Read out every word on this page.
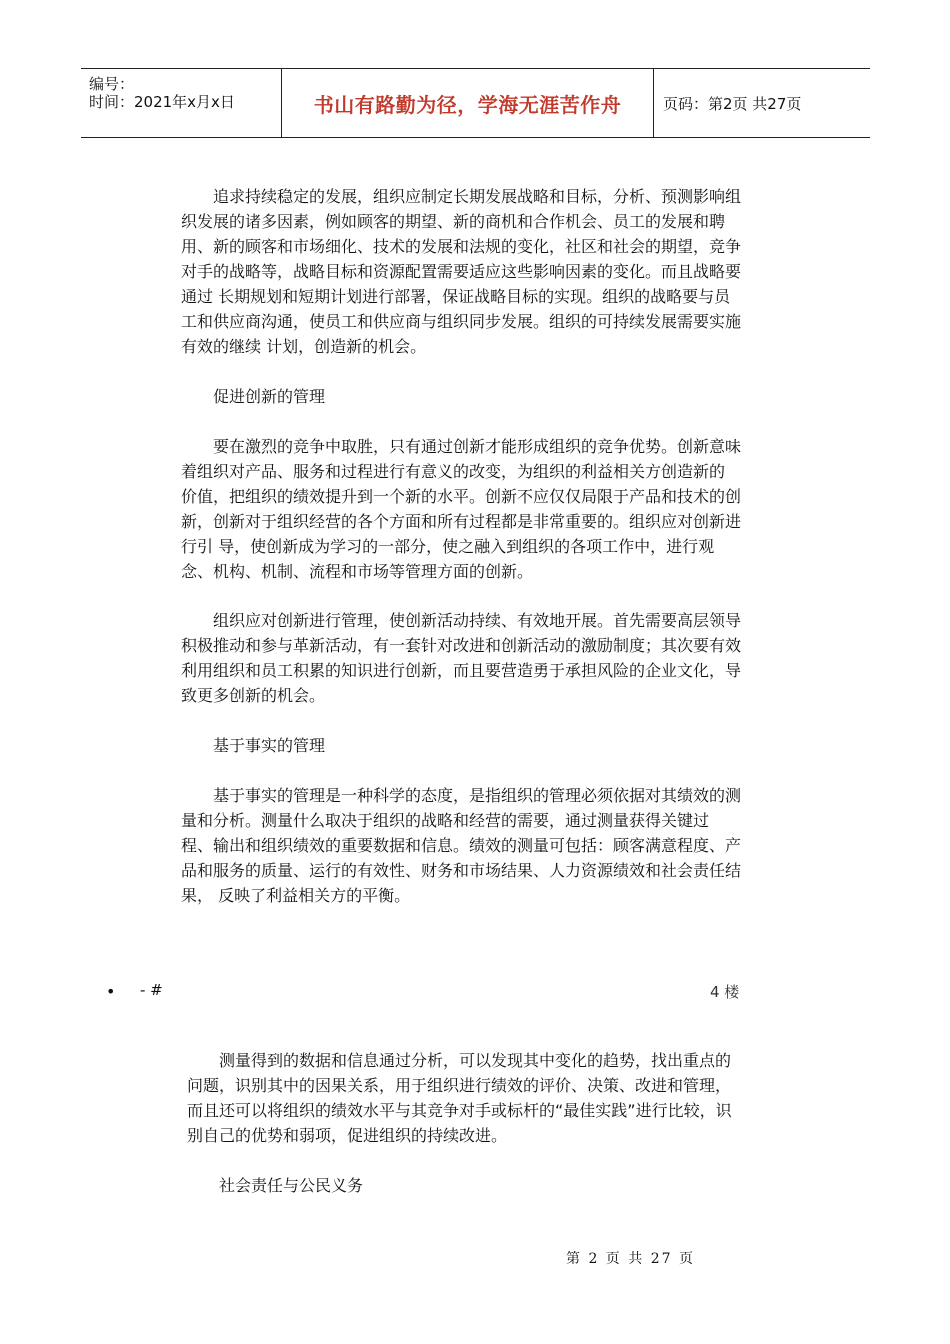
编号：
时间：2021年x月x日	书山有路勤为径，学海无涯苦作舟	页码：第2页 共27页

追求持续稳定的发展，组织应制定长期发展战略和目标，分析、预测影响组织发展的诸多因素，例如顾客的期望、新的商机和合作机会、员工的发展和聘 用、新的顾客和市场细化、技术的发展和法规的变化，社区和社会的期望，竞争对手的战略等，战略目标和资源配置需要适应这些影响因素的变化。而且战略要通过 长期规划和短期计划进行部署，保证战略目标的实现。组织的战略要与员工和供应商沟通，使员工和供应商与组织同步发展。组织的可持续发展需要实施有效的继续 计划，创造新的机会。

促进创新的管理

要在激烈的竞争中取胜，只有通过创新才能形成组织的竞争优势。创新意味着组织对产品、服务和过程进行有意义的改变，为组织的利益相关方创造新的 价值，把组织的绩效提升到一个新的水平。创新不应仅仅局限于产品和技术的创新，创新对于组织经营的各个方面和所有过程都是非常重要的。组织应对创新进行引 导，使创新成为学习的一部分，使之融入到组织的各项工作中，进行观念、机构、机制、流程和市场等管理方面的创新。

组织应对创新进行管理，使创新活动持续、有效地开展。首先需要高层领导积极推动和参与革新活动，有一套针对改进和创新活动的激励制度；其次要有效利用组织和员工积累的知识进行创新，而且要营造勇于承担风险的企业文化，导致更多创新的机会。

基于事实的管理

基于事实的管理是一种科学的态度，是指组织的管理必须依据对其绩效的测量和分析。测量什么取决于组织的战略和经营的需要，通过测量获得关键过 程、输出和组织绩效的重要数据和信息。绩效的测量可包括：顾客满意程度、产品和服务的质量、运行的有效性、财务和市场结果、人力资源绩效和社会责任结果， 反映了利益相关方的平衡。

• - #	4 楼

测量得到的数据和信息通过分析，可以发现其中变化的趋势，找出重点的问题，识别其中的因果关系，用于组织进行绩效的评价、决策、改进和管理，而且还可以将组织的绩效水平与其竞争对手或标杆的“最佳实践”进行比较，识别自己的优势和弱项，促进组织的持续改进。

社会责任与公民义务
第 2 页 共 27 页
